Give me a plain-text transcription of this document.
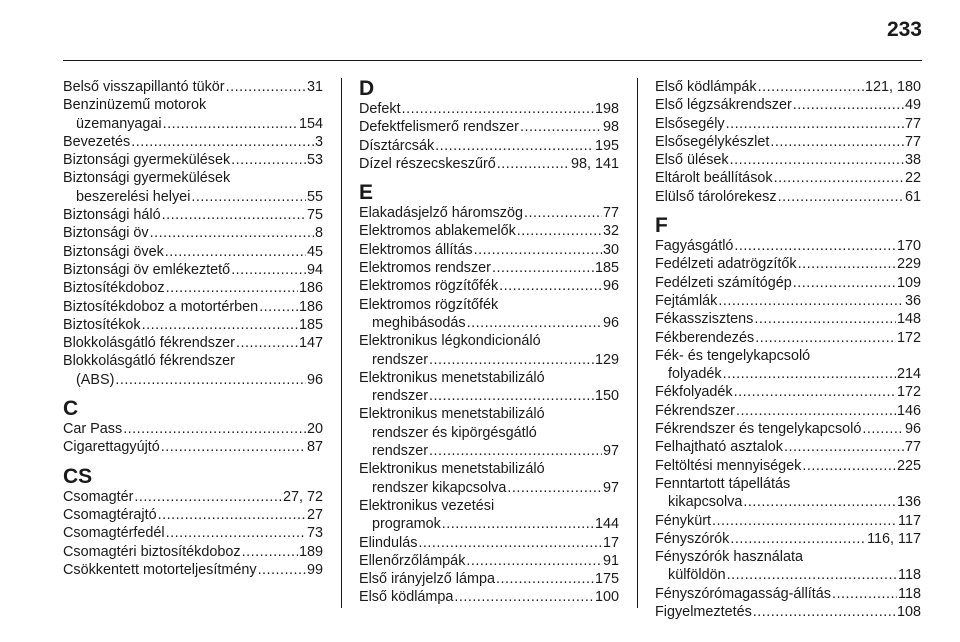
233
Belső visszapillantó tükör .....	31
Benzinüzemű motorok
üzemanyagai .....	154
Bevezetés .....	3
Biztonsági gyermekülések .....	53
Biztonsági gyermekülések
beszerelési helyei .....	55
Biztonsági háló .....	75
Biztonsági öv .....	8
Biztonsági övek .....	45
Biztonsági öv emlékeztető .....	94
Biztosítékdoboz .....	186
Biztosítékdoboz a motortérben .....	186
Biztosítékok .....	185
Blokkolásgátló fékrendszer .....	147
Blokkolásgátló fékrendszer
(ABS) .....	96
C
Car Pass .....	20
Cigarettagyújtó .....	87
CS
Csomagtér .....	27, 72
Csomagtérajtó .....	27
Csomagtérfedél .....	73
Csomagtéri biztosítékdoboz .....	189
Csökkentett motorteljesítmény .....	99
D
Defekt .....	198
Defektfelismerő rendszer .....	98
Dísztárcsák .....	195
Dízel részecskeszűrő .....	98, 141
E
Elakadásjelző háromszög .....	77
Elektromos ablakemelők .....	32
Elektromos állítás .....	30
Elektromos rendszer .....	185
Elektromos rögzítőfék .....	96
Elektromos rögzítőfék
meghibásodás .....	96
Elektronikus légkondicionáló
rendszer .....	129
Elektronikus menetstabilizáló
rendszer .....	150
Elektronikus menetstabilizáló
rendszer és kipörgésgátló
rendszer .....	97
Elektronikus menetstabilizáló
rendszer kikapcsolva .....	97
Elektronikus vezetési
programok .....	144
Elindulás .....	17
Ellenőrzőlámpák .....	91
Első irányjelző lámpa .....	175
Első ködlámpa .....	100
Első ködlámpák .....	121, 180
Első légzsákrendszer .....	49
Elsősegély .....	77
Elsősegélykészlet .....	77
Első ülések .....	38
Eltárolt beállítások .....	22
Elülső tárolórekesz .....	61
F
Fagyásgátló .....	170
Fedélzeti adatrögzítők .....	229
Fedélzeti számítógép .....	109
Fejtámlák .....	36
Fékasszisztens .....	148
Fékberendezés .....	172
Fék- és tengelykapcsoló
folyadék .....	214
Fékfolyadék .....	172
Fékrendszer .....	146
Fékrendszer és tengelykapcsoló .....	96
Felhajtható asztalok .....	77
Feltöltési mennyiségek .....	225
Fenntartott tápellátás
kikapcsolva .....	136
Fénykürt .....	117
Fényszórók .....	116, 117
Fényszórók használata
külföldön .....	118
Fényszórómagasság-állítás .....	118
Figyelmeztetés .....	108
